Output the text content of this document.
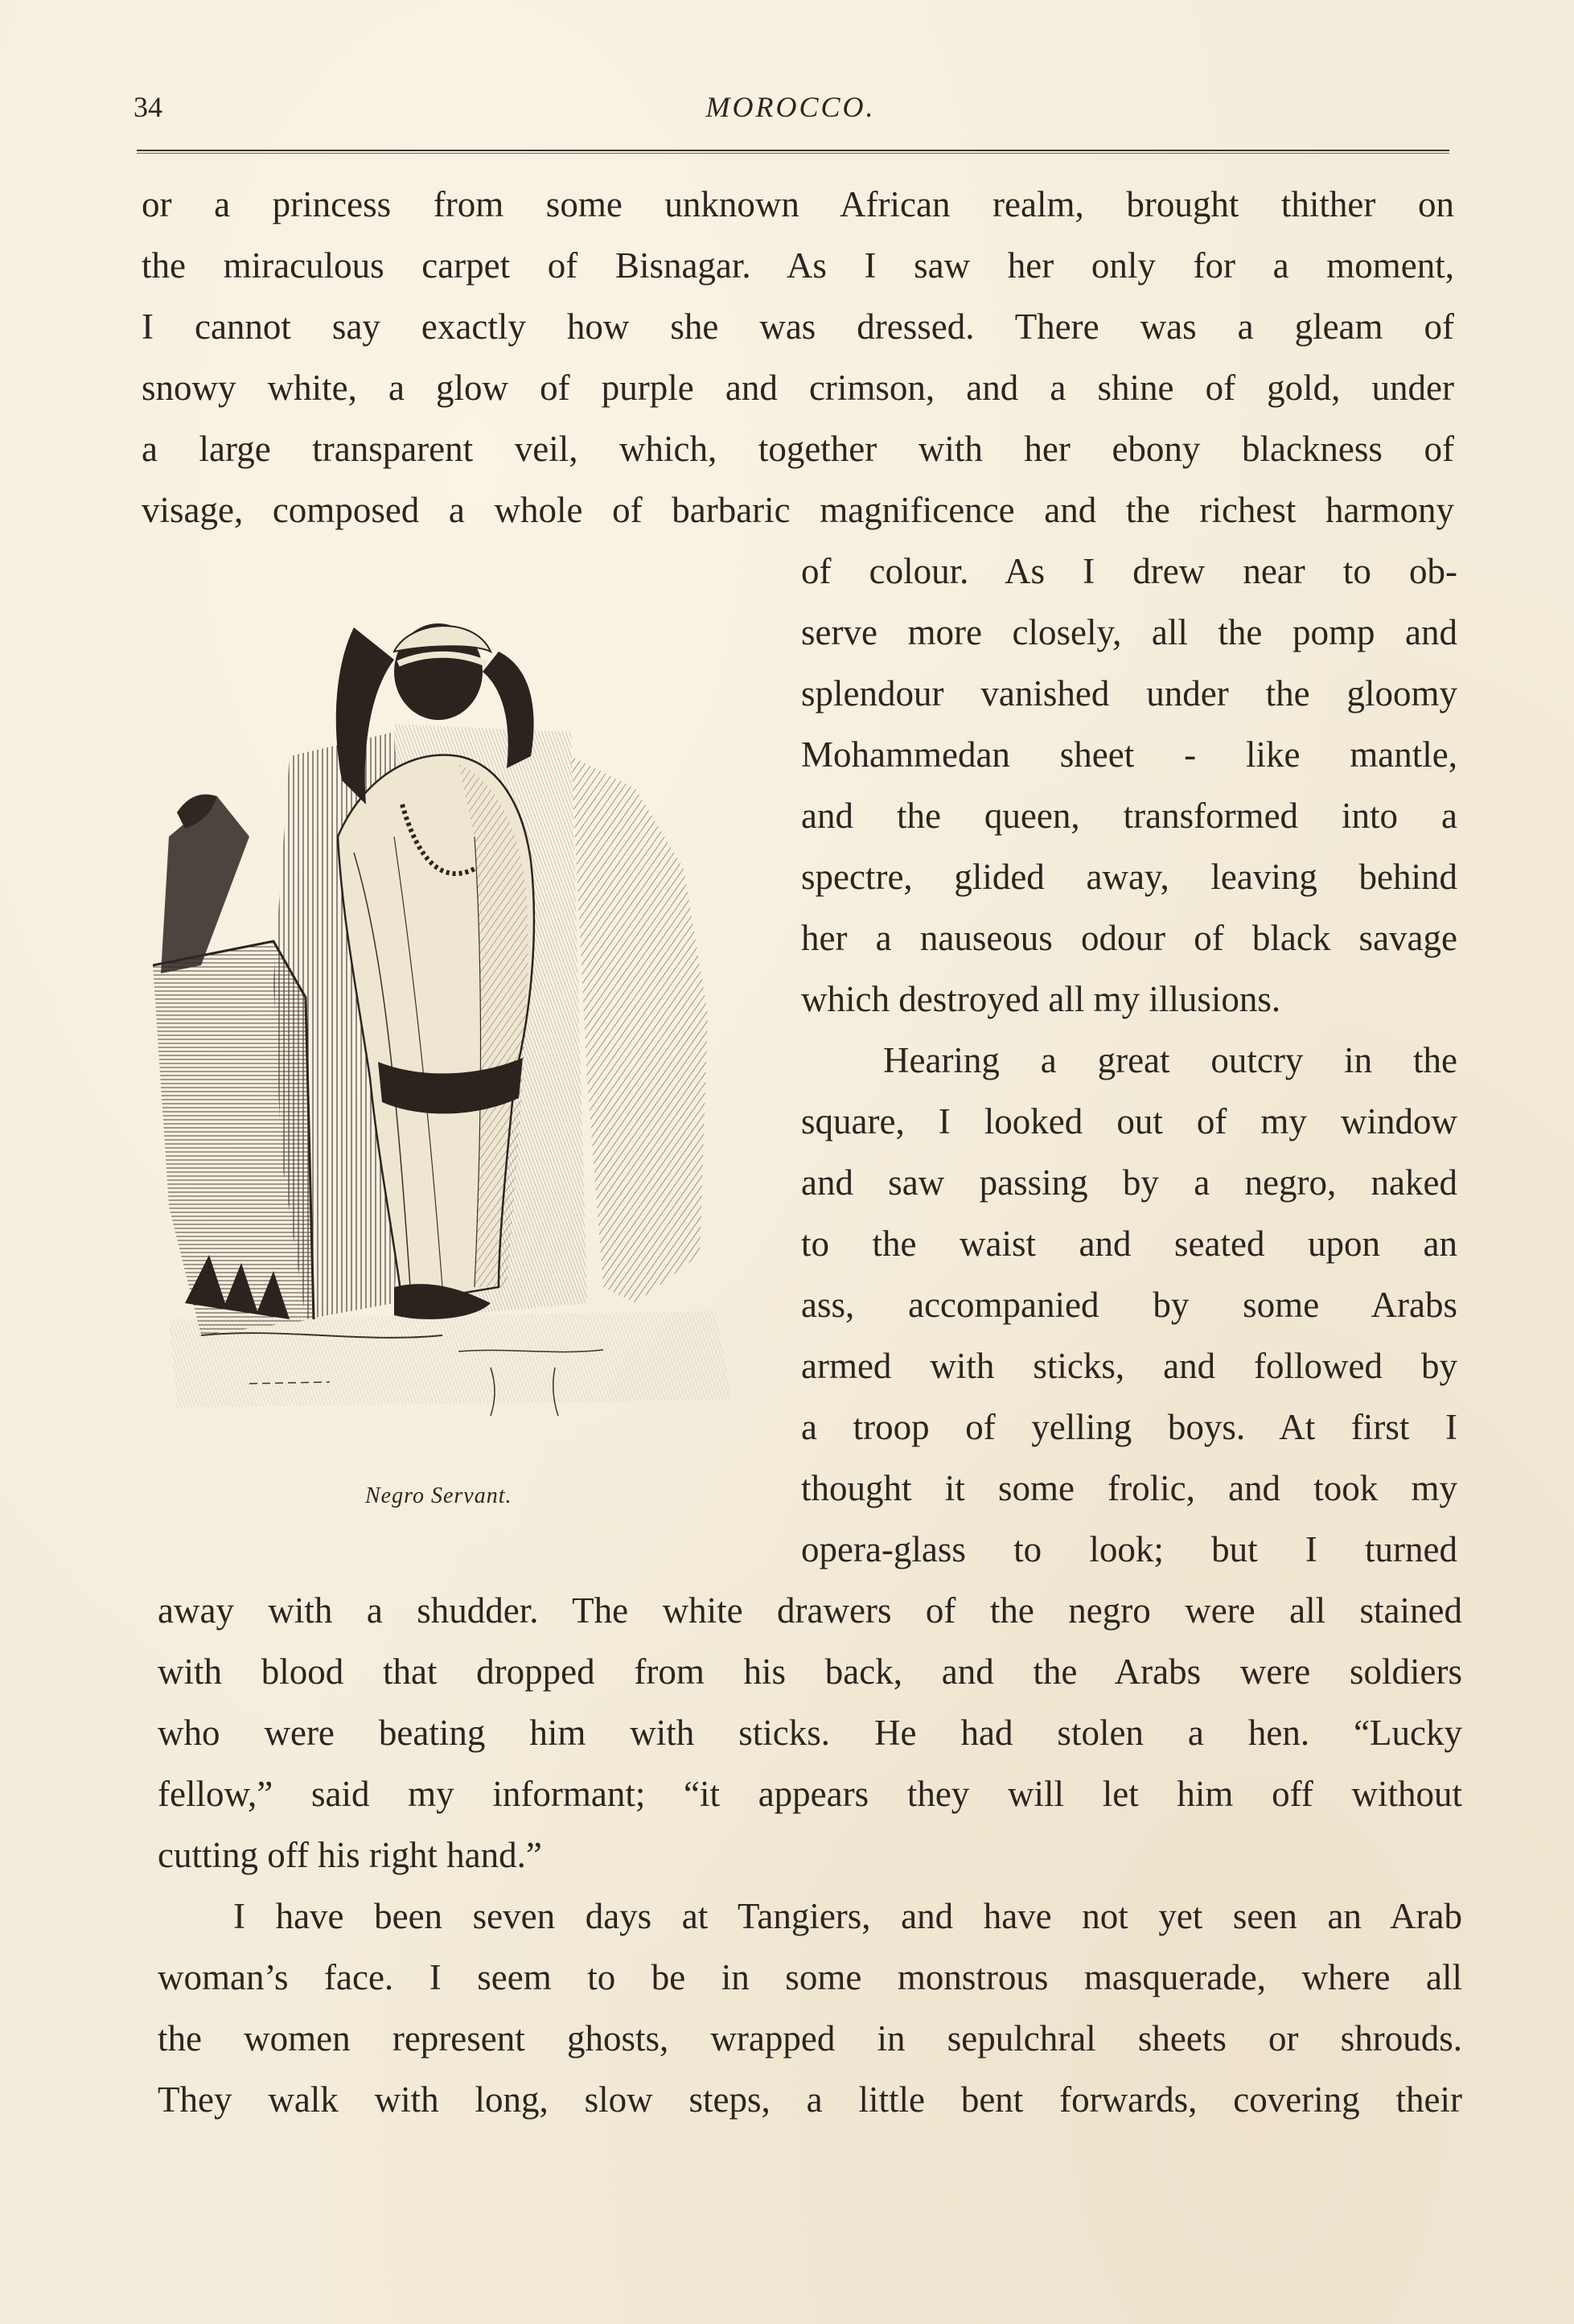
34	MOROCCO.
or a princess from some unknown African realm, brought thither on
the miraculous carpet of Bisnagar. As I saw her only for a moment,
I cannot say exactly how she was dressed. There was a gleam of
snowy white, a glow of purple and crimson, and a shine of gold, under
a large transparent veil, which, together with her ebony blackness of
visage, composed a whole of barbaric magnificence and the richest harmony
of colour. As I drew near to ob-
serve more closely, all the pomp and
splendour vanished under the gloomy
Mohammedan sheet - like mantle,
and the queen, transformed into a
spectre, glided away, leaving behind
her a nauseous odour of black savage
which destroyed all my illusions.
Hearing a great outcry in the
square, I looked out of my window
and saw passing by a negro, naked
to the waist and seated upon an
ass, accompanied by some Arabs
armed with sticks, and followed by
a troop of yelling boys. At first I
thought it some frolic, and took my
opera-glass to look; but I turned
away with a shudder. The white drawers of the negro were all stained
with blood that dropped from his back, and the Arabs were soldiers
who were beating him with sticks. He had stolen a hen. “Lucky
fellow,” said my informant; “it appears they will let him off without
cutting off his right hand.”
I have been seven days at Tangiers, and have not yet seen an Arab
woman’s face. I seem to be in some monstrous masquerade, where all
the women represent ghosts, wrapped in sepulchral sheets or shrouds.
They walk with long, slow steps, a little bent forwards, covering their
Negro Servant.
